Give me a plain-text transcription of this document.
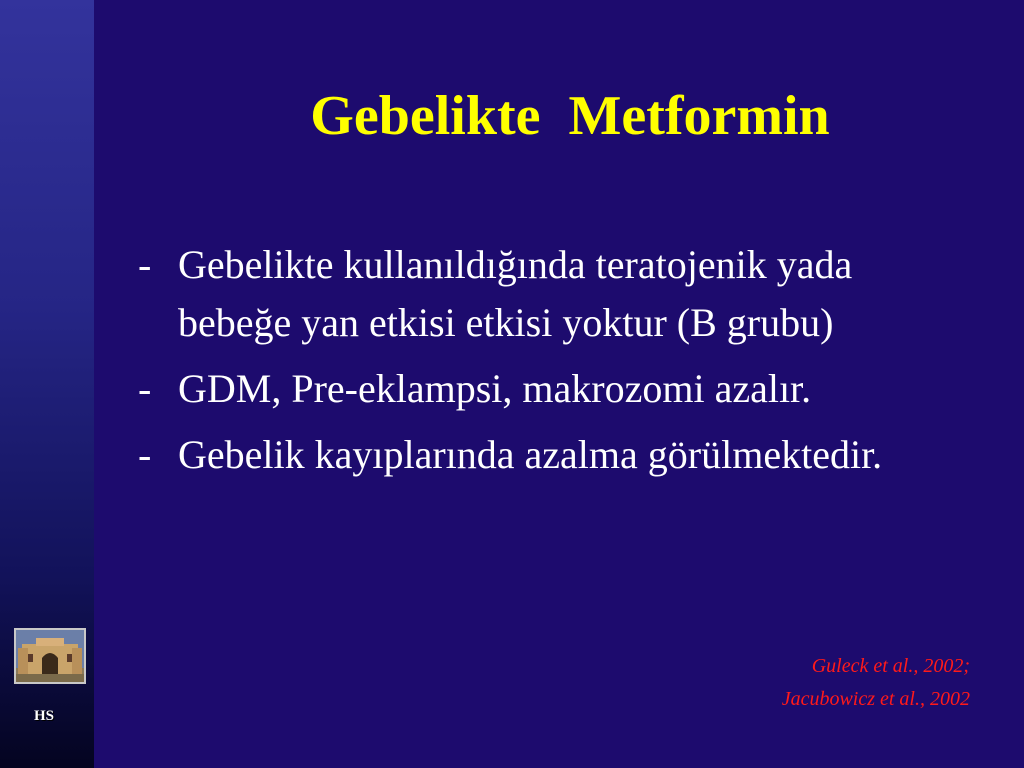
HS
Gebelikte  Metformin
- Gebelikte kullanıldığında teratojenik yada bebeğe yan etkisi etkisi yoktur (B grubu)
- GDM, Pre-eklampsi, makrozomi azalır.
- Gebelik kayıplarında azalma görülmektedir.
Guleck et al., 2002;
Jacubowicz et al., 2002
